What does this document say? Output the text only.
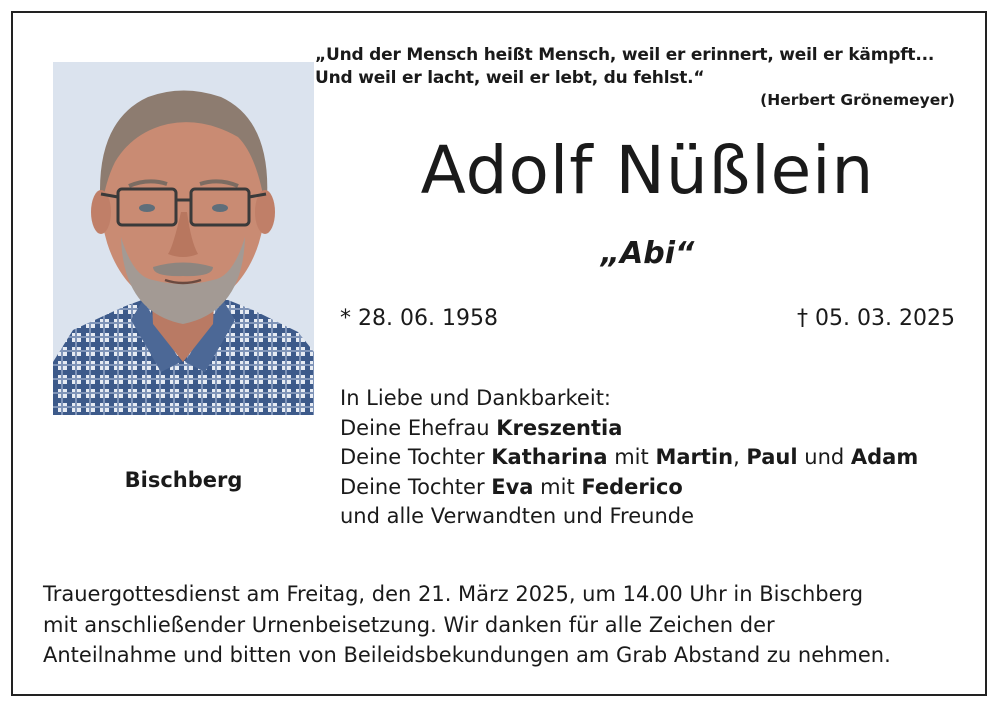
„Und der Mensch heißt Mensch, weil er erinnert, weil er kämpft...
Und weil er lacht, weil er lebt, du fehlst.“
(Herbert Grönemeyer)
Bischberg
Adolf Nüßlein
„Abi“
* 28. 06. 1958	† 05. 03. 2025
In Liebe und Dankbarkeit:
Deine Ehefrau Kreszentia
Deine Tochter Katharina mit Martin, Paul und Adam
Deine Tochter Eva mit Federico
und alle Verwandten und Freunde
Trauergottesdienst am Freitag, den 21. März 2025, um 14.00 Uhr in Bischberg
mit anschließender Urnenbeisetzung. Wir danken für alle Zeichen der
Anteilnahme und bitten von Beileidsbekundungen am Grab Abstand zu nehmen.
